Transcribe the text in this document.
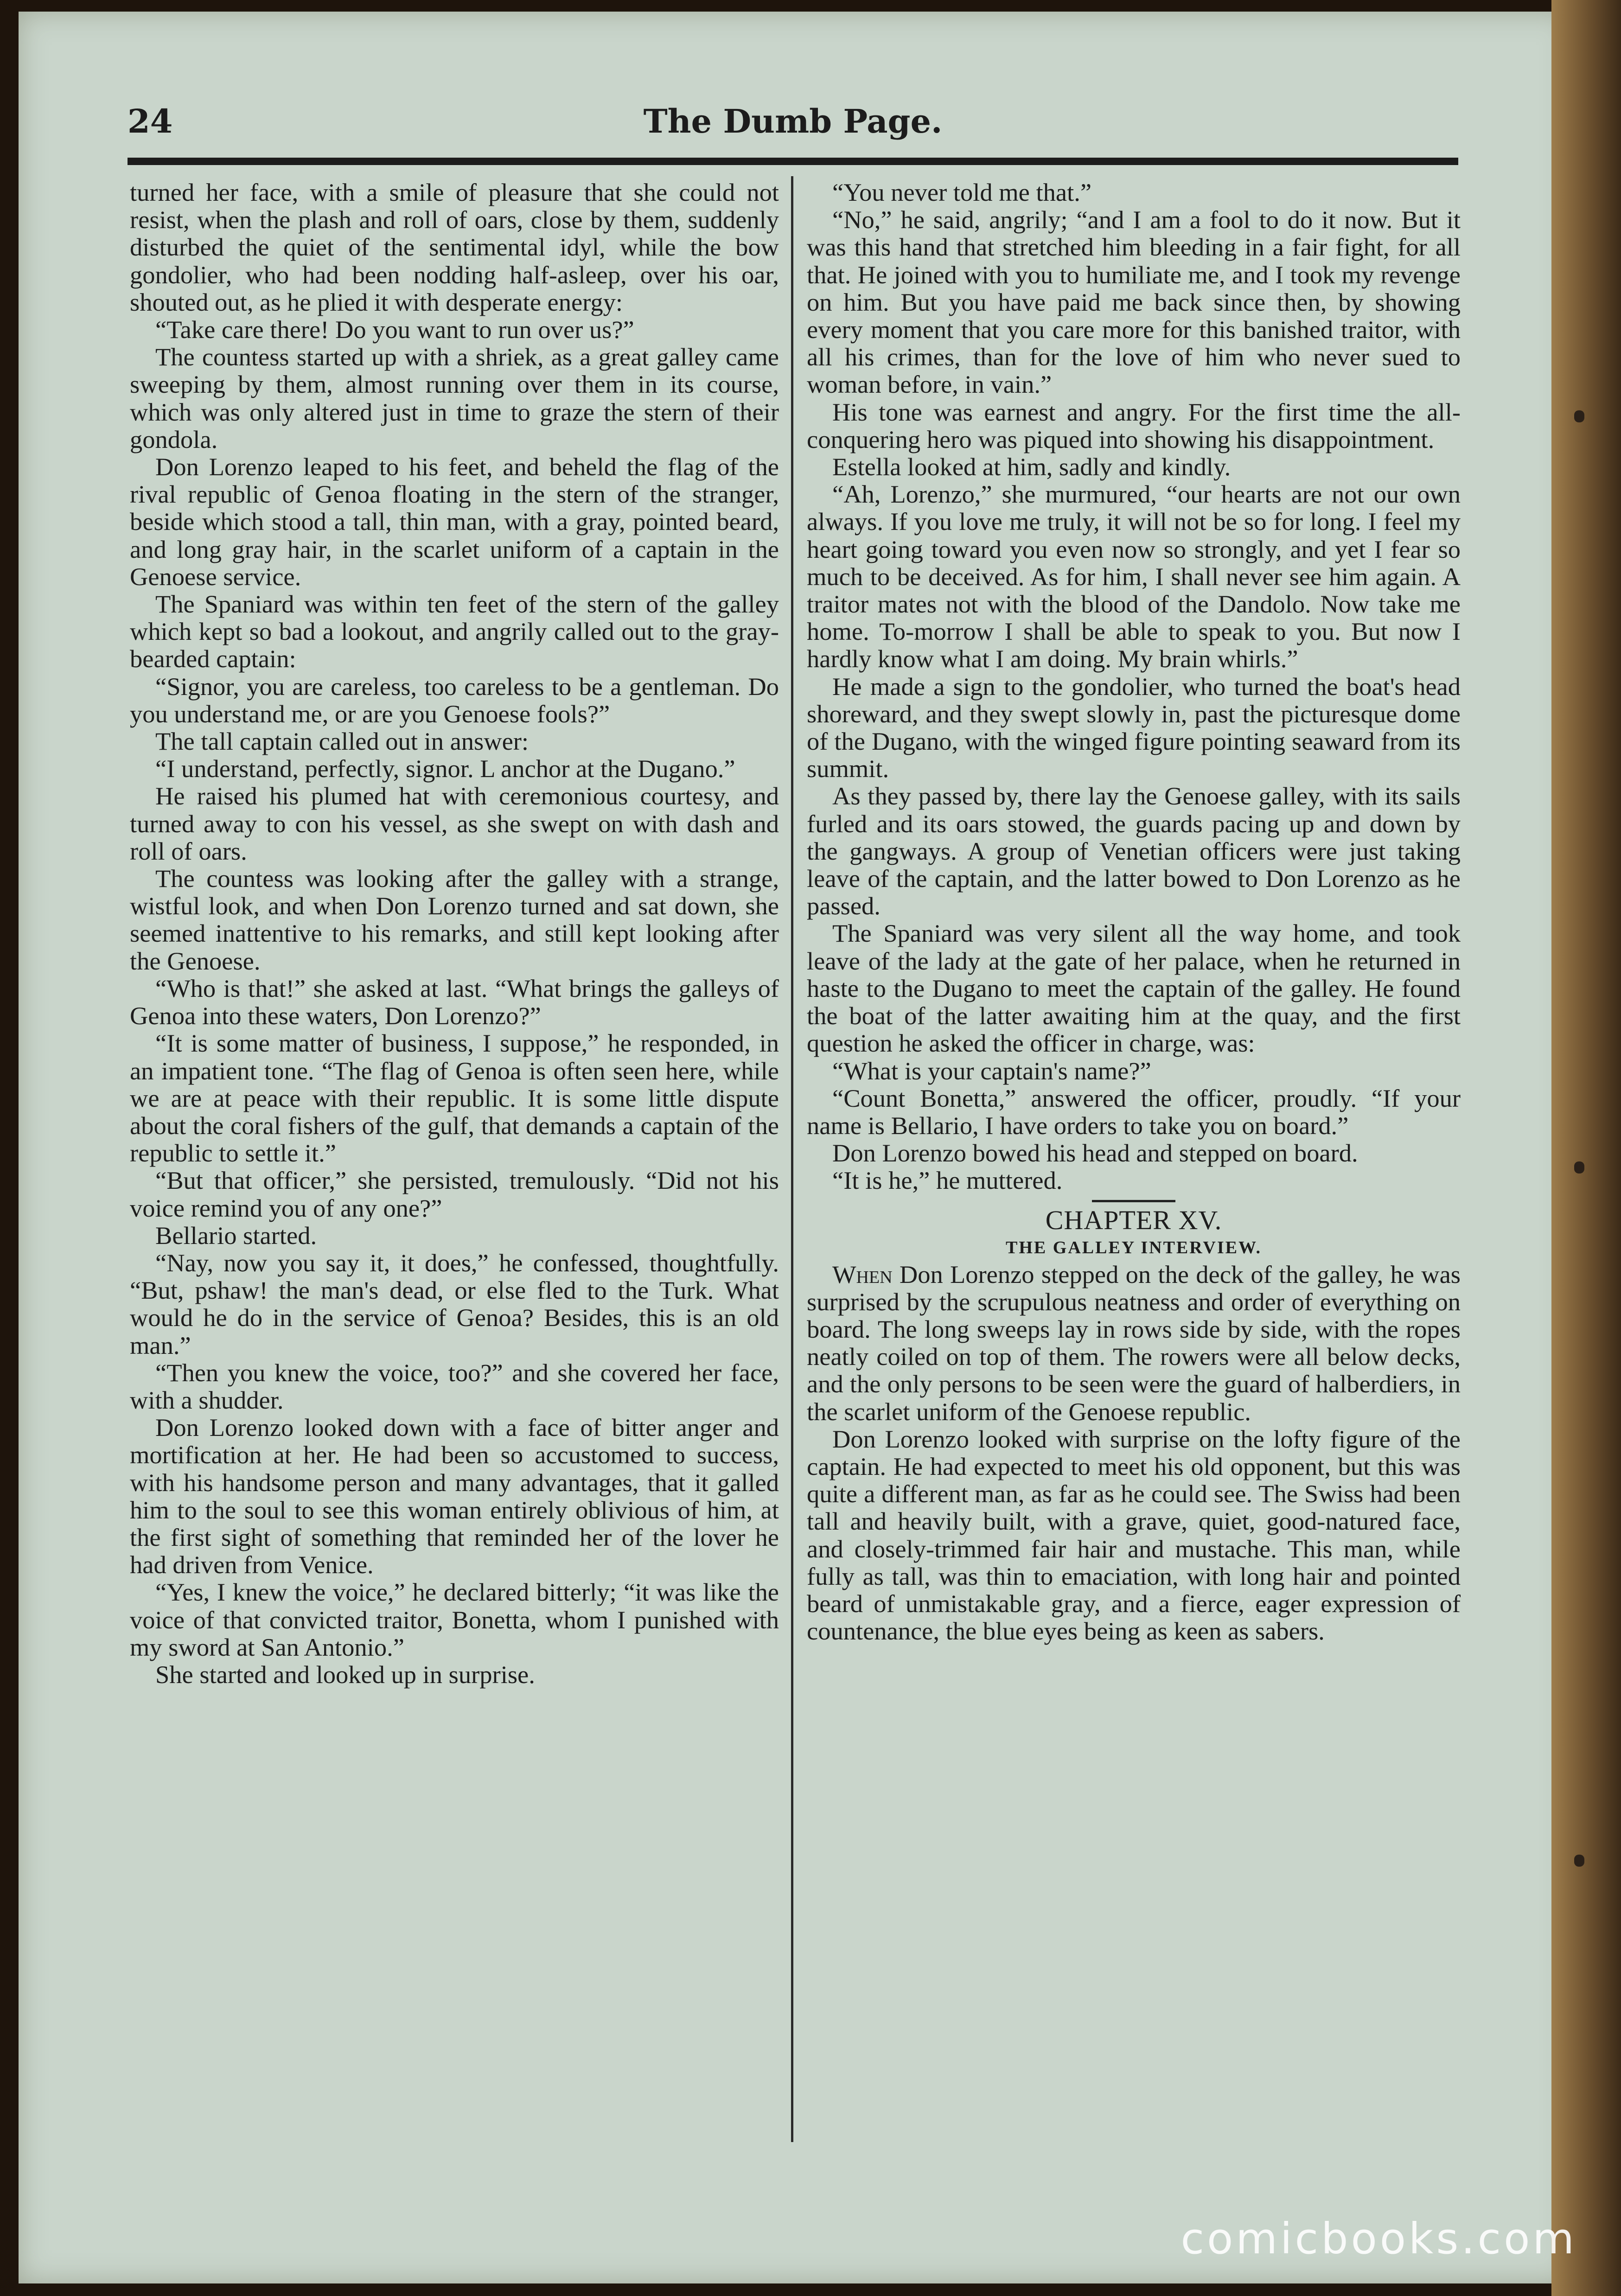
24	The Dumb Page.

turned her face, with a smile of pleasure that she could not resist, when the plash and roll of oars, close by them, suddenly disturbed the quiet of the sentimental idyl, while the bow gondolier, who had been nodding half-asleep, over his oar, shouted out, as he plied it with desperate energy:

“Take care there! Do you want to run over us?”

The countess started up with a shriek, as a great galley came sweeping by them, almost running over them in its course, which was only altered just in time to graze the stern of their gondola.

Don Lorenzo leaped to his feet, and beheld the flag of the rival republic of Genoa floating in the stern of the stranger, beside which stood a tall, thin man, with a gray, pointed beard, and long gray hair, in the scarlet uniform of a captain in the Genoese service.

The Spaniard was within ten feet of the stern of the galley which kept so bad a lookout, and angrily called out to the gray-bearded captain:

“Signor, you are careless, too careless to be a gentleman. Do you understand me, or are you Genoese fools?”

The tall captain called out in answer:

“I understand, perfectly, signor. L anchor at the Dugano.”

He raised his plumed hat with ceremonious courtesy, and turned away to con his vessel, as she swept on with dash and roll of oars.

The countess was looking after the galley with a strange, wistful look, and when Don Lorenzo turned and sat down, she seemed inattentive to his remarks, and still kept looking after the Genoese.

“Who is that!” she asked at last. “What brings the galleys of Genoa into these waters, Don Lorenzo?”

“It is some matter of business, I suppose,” he responded, in an impatient tone. “The flag of Genoa is often seen here, while we are at peace with their republic. It is some little dispute about the coral fishers of the gulf, that demands a captain of the republic to settle it.”

“But that officer,” she persisted, tremulously. “Did not his voice remind you of any one?”

Bellario started.

“Nay, now you say it, it does,” he confessed, thoughtfully. “But, pshaw! the man's dead, or else fled to the Turk. What would he do in the service of Genoa? Besides, this is an old man.”

“Then you knew the voice, too?” and she covered her face, with a shudder.

Don Lorenzo looked down with a face of bitter anger and mortification at her. He had been so accustomed to success, with his handsome person and many advantages, that it galled him to the soul to see this woman entirely oblivious of him, at the first sight of something that reminded her of the lover he had driven from Venice.

“Yes, I knew the voice,” he declared bitterly; “it was like the voice of that convicted traitor, Bonetta, whom I punished with my sword at San Antonio.”

She started and looked up in surprise.

“You never told me that.”

“No,” he said, angrily; “and I am a fool to do it now. But it was this hand that stretched him bleeding in a fair fight, for all that. He joined with you to humiliate me, and I took my revenge on him. But you have paid me back since then, by showing every moment that you care more for this banished traitor, with all his crimes, than for the love of him who never sued to woman before, in vain.”

His tone was earnest and angry. For the first time the all-conquering hero was piqued into showing his disappointment.

Estella looked at him, sadly and kindly.

“Ah, Lorenzo,” she murmured, “our hearts are not our own always. If you love me truly, it will not be so for long. I feel my heart going toward you even now so strongly, and yet I fear so much to be deceived. As for him, I shall never see him again. A traitor mates not with the blood of the Dandolo. Now take me home. To-morrow I shall be able to speak to you. But now I hardly know what I am doing. My brain whirls.”

He made a sign to the gondolier, who turned the boat's head shoreward, and they swept slowly in, past the picturesque dome of the Dugano, with the winged figure pointing seaward from its summit.

As they passed by, there lay the Genoese galley, with its sails furled and its oars stowed, the guards pacing up and down by the gangways. A group of Venetian officers were just taking leave of the captain, and the latter bowed to Don Lorenzo as he passed.

The Spaniard was very silent all the way home, and took leave of the lady at the gate of her palace, when he returned in haste to the Dugano to meet the captain of the galley. He found the boat of the latter awaiting him at the quay, and the first question he asked the officer in charge, was:

“What is your captain's name?”

“Count Bonetta,” answered the officer, proudly. “If your name is Bellario, I have orders to take you on board.”

Don Lorenzo bowed his head and stepped on board.

“It is he,” he muttered.

CHAPTER XV.
THE GALLEY INTERVIEW.

When Don Lorenzo stepped on the deck of the galley, he was surprised by the scrupulous neatness and order of everything on board. The long sweeps lay in rows side by side, with the ropes neatly coiled on top of them. The rowers were all below decks, and the only persons to be seen were the guard of halberdiers, in the scarlet uniform of the Genoese republic.

Don Lorenzo looked with surprise on the lofty figure of the captain. He had expected to meet his old opponent, but this was quite a different man, as far as he could see. The Swiss had been tall and heavily built, with a grave, quiet, good-natured face, and closely-trimmed fair hair and mustache. This man, while fully as tall, was thin to emaciation, with long hair and pointed beard of unmistakable gray, and a fierce, eager expression of countenance, the blue eyes being as keen as sabers.

comicbooks.com
